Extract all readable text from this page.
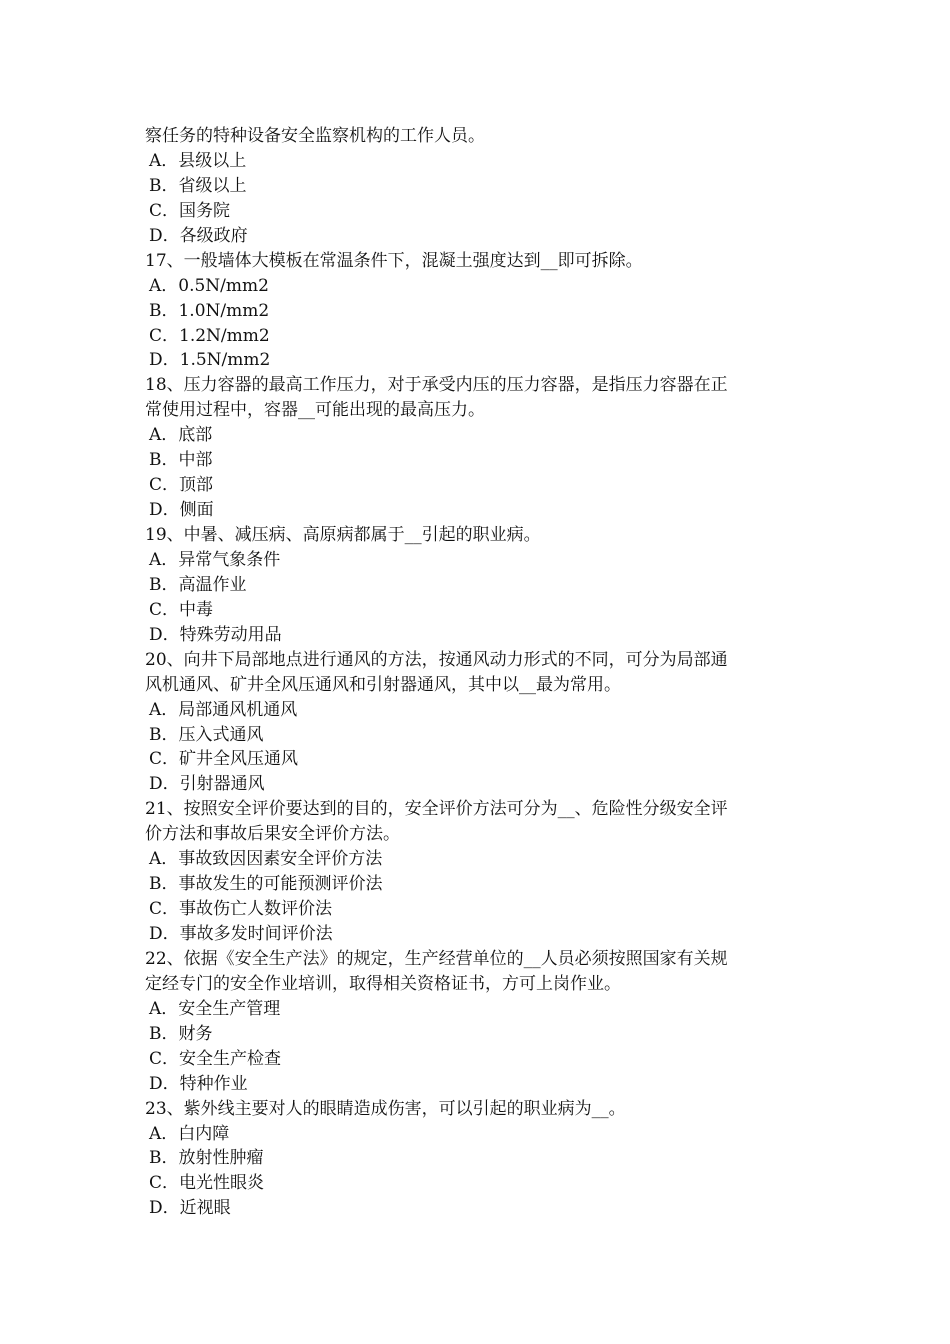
察任务的特种设备安全监察机构的工作人员。
A．县级以上
B．省级以上
C．国务院
D．各级政府
17、一般墙体大模板在常温条件下，混凝土强度达到__即可拆除。
A．0.5N/mm2
B．1.0N/mm2
C．1.2N/mm2
D．1.5N/mm2
18、压力容器的最高工作压力，对于承受内压的压力容器，是指压力容器在正
常使用过程中，容器__可能出现的最高压力。
A．底部
B．中部
C．顶部
D．侧面
19、中暑、减压病、高原病都属于__引起的职业病。
A．异常气象条件
B．高温作业
C．中毒
D．特殊劳动用品
20、向井下局部地点进行通风的方法，按通风动力形式的不同，可分为局部通
风机通风、矿井全风压通风和引射器通风，其中以__最为常用。
A．局部通风机通风
B．压入式通风
C．矿井全风压通风
D．引射器通风
21、按照安全评价要达到的目的，安全评价方法可分为__、危险性分级安全评
价方法和事故后果安全评价方法。
A．事故致因因素安全评价方法
B．事故发生的可能预测评价法
C．事故伤亡人数评价法
D．事故多发时间评价法
22、依据《安全生产法》的规定，生产经营单位的__人员必须按照国家有关规
定经专门的安全作业培训，取得相关资格证书，方可上岗作业。
A．安全生产管理
B．财务
C．安全生产检查
D．特种作业
23、紫外线主要对人的眼睛造成伤害，可以引起的职业病为__。
A．白内障
B．放射性肿瘤
C．电光性眼炎
D．近视眼
